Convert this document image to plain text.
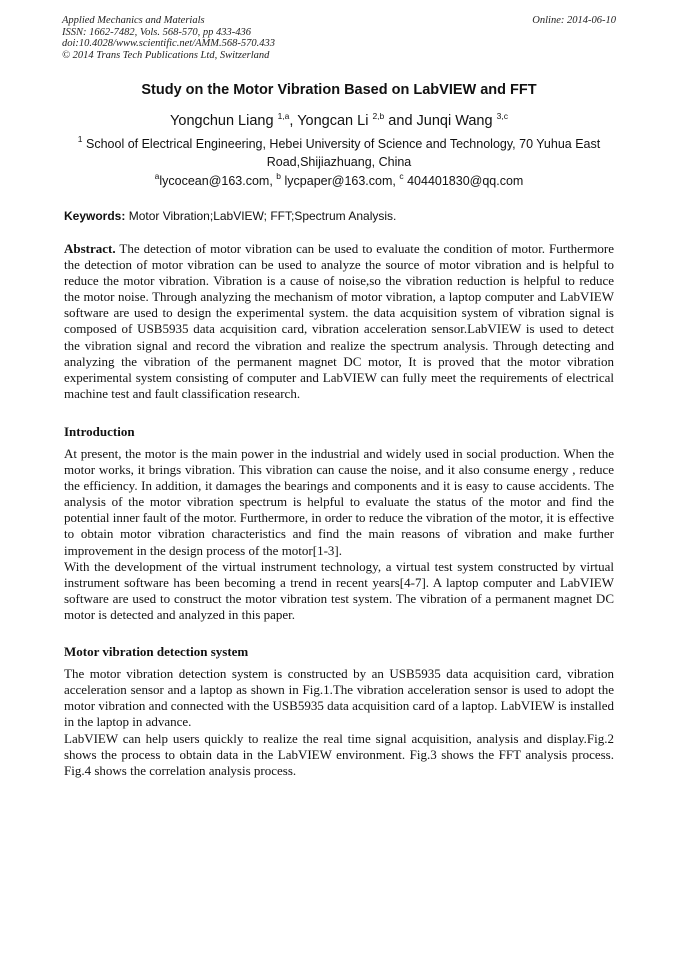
Applied Mechanics and Materials
ISSN: 1662-7482, Vols. 568-570, pp 433-436
doi:10.4028/www.scientific.net/AMM.568-570.433
© 2014 Trans Tech Publications Ltd, Switzerland
Online: 2014-06-10
Study on the Motor Vibration Based on LabVIEW and FFT
Yongchun Liang $^{1,a}$, Yongcan Li $^{2,b}$ and Junqi Wang $^{3,c}$
$^1$ School of Electrical Engineering, Hebei University of Science and Technology, 70 Yuhua East Road,Shijiazhuang, China
$^a$lycocean@163.com, $^b$ lycpaper@163.com, $^c$ 404401830@qq.com
Keywords: Motor Vibration;LabVIEW; FFT;Spectrum Analysis.
Abstract. The detection of motor vibration can be used to evaluate the condition of motor. Furthermore the detection of motor vibration can be used to analyze the source of motor vibration and is helpful to reduce the motor vibration. Vibration is a cause of noise,so the vibration reduction is helpful to reduce the motor noise. Through analyzing the mechanism of motor vibration, a laptop computer and LabVIEW software are used to design the experimental system. the data acquisition system of vibration signal is composed of USB5935 data acquisition card, vibration acceleration sensor.LabVIEW is used to detect the vibration signal and record the vibration and realize the spectrum analysis. Through detecting and analyzing the vibration of the permanent magnet DC motor, It is proved that the motor vibration experimental system consisting of computer and LabVIEW can fully meet the requirements of electrical machine test and fault classification research.
Introduction
At present, the motor is the main power in the industrial and widely used in social production. When the motor works, it brings vibration. This vibration can cause the noise, and it also consume energy , reduce the efficiency. In addition, it damages the bearings and components and it is easy to cause accidents. The analysis of the motor vibration spectrum is helpful to evaluate the status of the motor and find the potential inner fault of the motor. Furthermore, in order to reduce the vibration of the motor, it is effective to obtain motor vibration characteristics and find the main reasons of vibration and make further improvement in the design process of the motor[1-3].
With the development of the virtual instrument technology, a virtual test system constructed by virtual instrument software has been becoming a trend in recent years[4-7]. A laptop computer and LabVIEW software are used to construct the motor vibration test system. The vibration of a permanent magnet DC motor is detected and analyzed in this paper.
Motor vibration detection system
The motor vibration detection system is constructed by an USB5935 data acquisition card, vibration acceleration sensor and a laptop as shown in Fig.1.The vibration acceleration sensor is used to adopt the motor vibration and connected with the USB5935 data acquisition card of a laptop. LabVIEW is installed in the laptop in advance.
LabVIEW can help users quickly to realize the real time signal acquisition, analysis and display.Fig.2 shows the process to obtain data in the LabVIEW environment. Fig.3 shows the FFT analysis process. Fig.4 shows the correlation analysis process.
